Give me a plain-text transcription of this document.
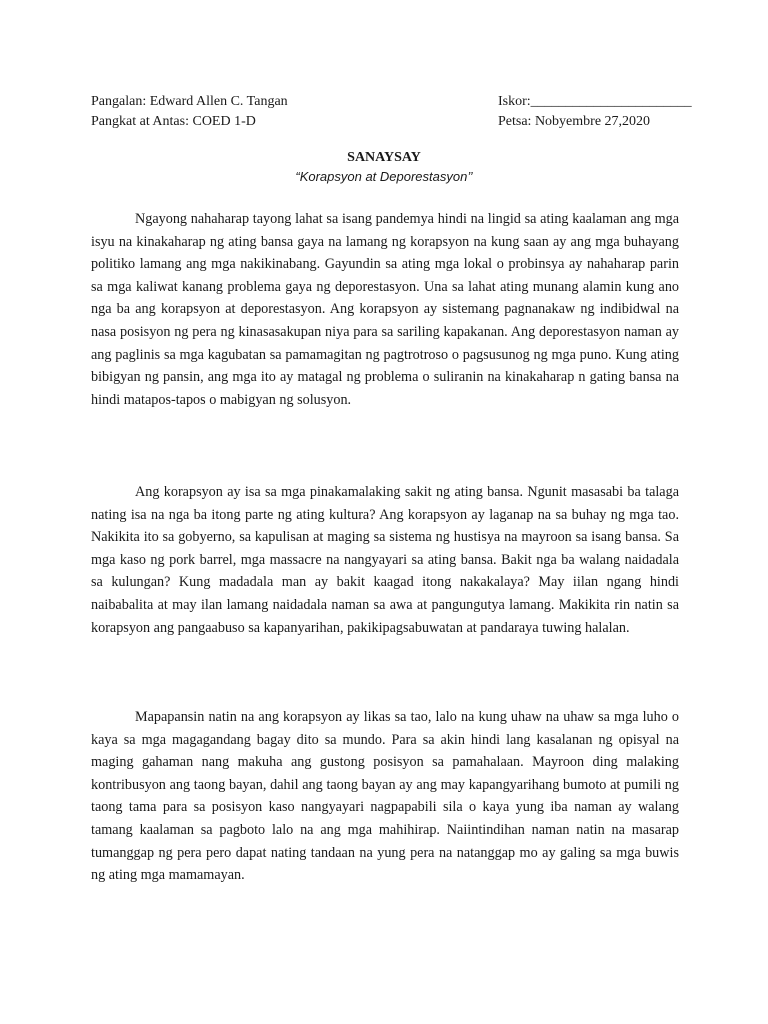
Pangalan: Edward Allen C. Tangan
Pangkat at Antas: COED 1-D
Iskor:_______________________
Petsa: Nobyembre 27,2020
SANAYSAY
“Korapsyon at Deporestasyon’’

Ngayong nahaharap tayong lahat sa isang pandemya hindi na lingid sa ating kaalaman ang mga isyu na kinakaharap ng ating bansa gaya na lamang ng korapsyon na kung saan ay ang mga buhayang politiko lamang ang mga nakikinabang. Gayundin sa ating mga lokal o probinsya ay nahaharap parin sa mga kaliwat kanang problema gaya ng deporestasyon. Una sa lahat ating munang alamin kung ano nga ba ang korapsyon at deporestasyon. Ang korapsyon ay sistemang pagnanakaw ng indibidwal na nasa posisyon ng pera ng kinasasakupan niya para sa sariling kapakanan. Ang deporestasyon naman ay ang paglinis sa mga kagubatan sa pamamagitan ng pagtrotroso o pagsusunog ng mga puno. Kung ating bibigyan ng pansin, ang mga ito ay matagal ng problema o suliranin na kinakaharap n gating bansa na hindi matapos-tapos o mabigyan ng solusyon.

Ang korapsyon ay isa sa mga pinakamalaking sakit ng ating bansa. Ngunit masasabi ba talaga nating isa na nga ba itong parte ng ating kultura? Ang korapsyon ay laganap na sa buhay ng mga tao. Nakikita ito sa gobyerno, sa kapulisan at maging sa sistema ng hustisya na mayroon sa isang bansa. Sa mga kaso ng pork barrel, mga massacre na nangyayari sa ating bansa. Bakit nga ba walang naidadala sa kulungan? Kung madadala man ay bakit kaagad itong nakakalaya? May iilan ngang hindi naibabalita at may ilan lamang naidadala naman sa awa at pangungutya lamang. Makikita rin natin sa korapsyon ang pangaabuso sa kapanyarihan, pakikipagsabuwatan at pandaraya tuwing halalan.

Mapapansin natin na ang korapsyon ay likas sa tao, lalo na kung uhaw na uhaw sa mga luho o kaya sa mga magagandang bagay dito sa mundo. Para sa akin hindi lang kasalanan ng opisyal na maging gahaman nang makuha ang gustong posisyon sa pamahalaan. Mayroon ding malaking kontribusyon ang taong bayan, dahil ang taong bayan ay ang may kapangyarihang bumoto at pumili ng taong tama para sa posisyon kaso nangyayari nagpapabili sila o kaya yung iba naman ay walang tamang kaalaman sa pagboto lalo na ang mga mahihirap. Naiintindihan naman natin na masarap tumanggap ng pera pero dapat nating tandaan na yung pera na natanggap mo ay galing sa mga buwis ng ating mga mamamayan.
